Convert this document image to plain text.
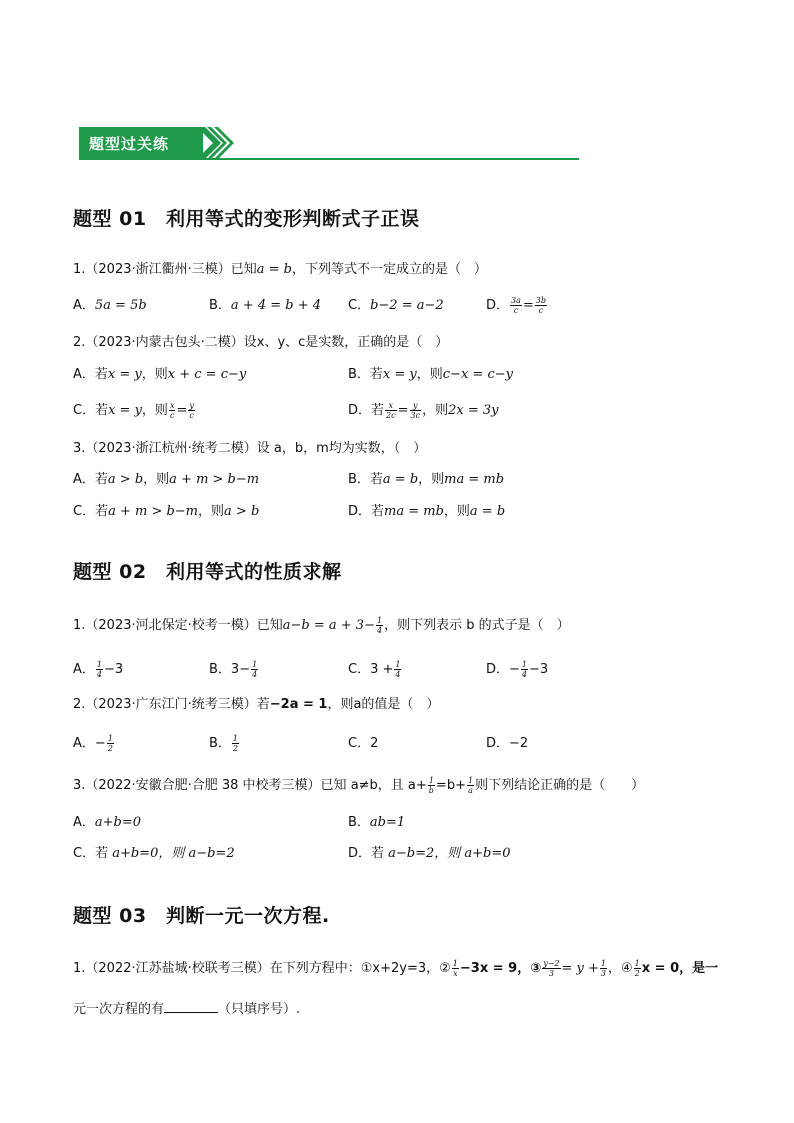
题型过关练
题型 01　利用等式的变形判断式子正误
1.（2023·浙江衢州·三模）已知a = b，下列等式不一定成立的是（　）
A．5a = 5b	B．a + 4 = b + 4 C．b−2 = a−2	D． $\frac{3a}{c} = \frac{3b}{c}$
2.（2023·内蒙古包头·二模）设x、y、c是实数，正确的是（　）
A．若x = y，则x + c = c−y	B．若x = y，则c−x = c−y
C．若x = y，则 $\frac{x}{c} = \frac{y}{c}$	D．若 $\frac{x}{2c} = \frac{y}{3c}$ ，则2x = 3y
3.（2023·浙江杭州·统考二模）设 a，b，m均为实数，（　）
A．若a > b，则a + m > b−m	B．若a = b，则ma = mb
C．若a + m > b−m，则a > b	D．若ma = mb，则a = b
题型 02　利用等式的性质求解
1.（2023·河北保定·校考一模）已知$a-b = a + 3- \frac{1}{4}$ ，则下列表示 b 的式子是（　）
A． $\frac{1}{4} -3$	B．$3- \frac{1}{4}$	C．$3 + \frac{1}{4}$	D．− $\frac{1}{4} -3$
2.（2023·广东江门·统考三模）若−2a = 1，则a的值是（　）
A．− $\frac{1}{2}$	B． $\frac{1}{2}$	C．2	D．−2
3.（2022·安徽合肥·合肥 38 中校考三模）已知 a≠b，且 $a+ \frac{1}{b} =b+ \frac{1}{a}$ 则下列结论正确的是（　　）
A．a+b=0	B．ab=1
C．若 a+b=0，则 a−b=2	D．若 a−b=2，则 a+b=0
题型 03　判断一元一次方程.
1.（2022·江苏盐城·校联考三模）在下列方程中：①x+2y=3，② $\frac{1}{x} -3x = 9$，③ $\frac{y-2}{3} = y + \frac{1}{3}$ ，④ $\frac{1}{2}$ x = 0，是一
元一次方程的有	（只填序号）.
